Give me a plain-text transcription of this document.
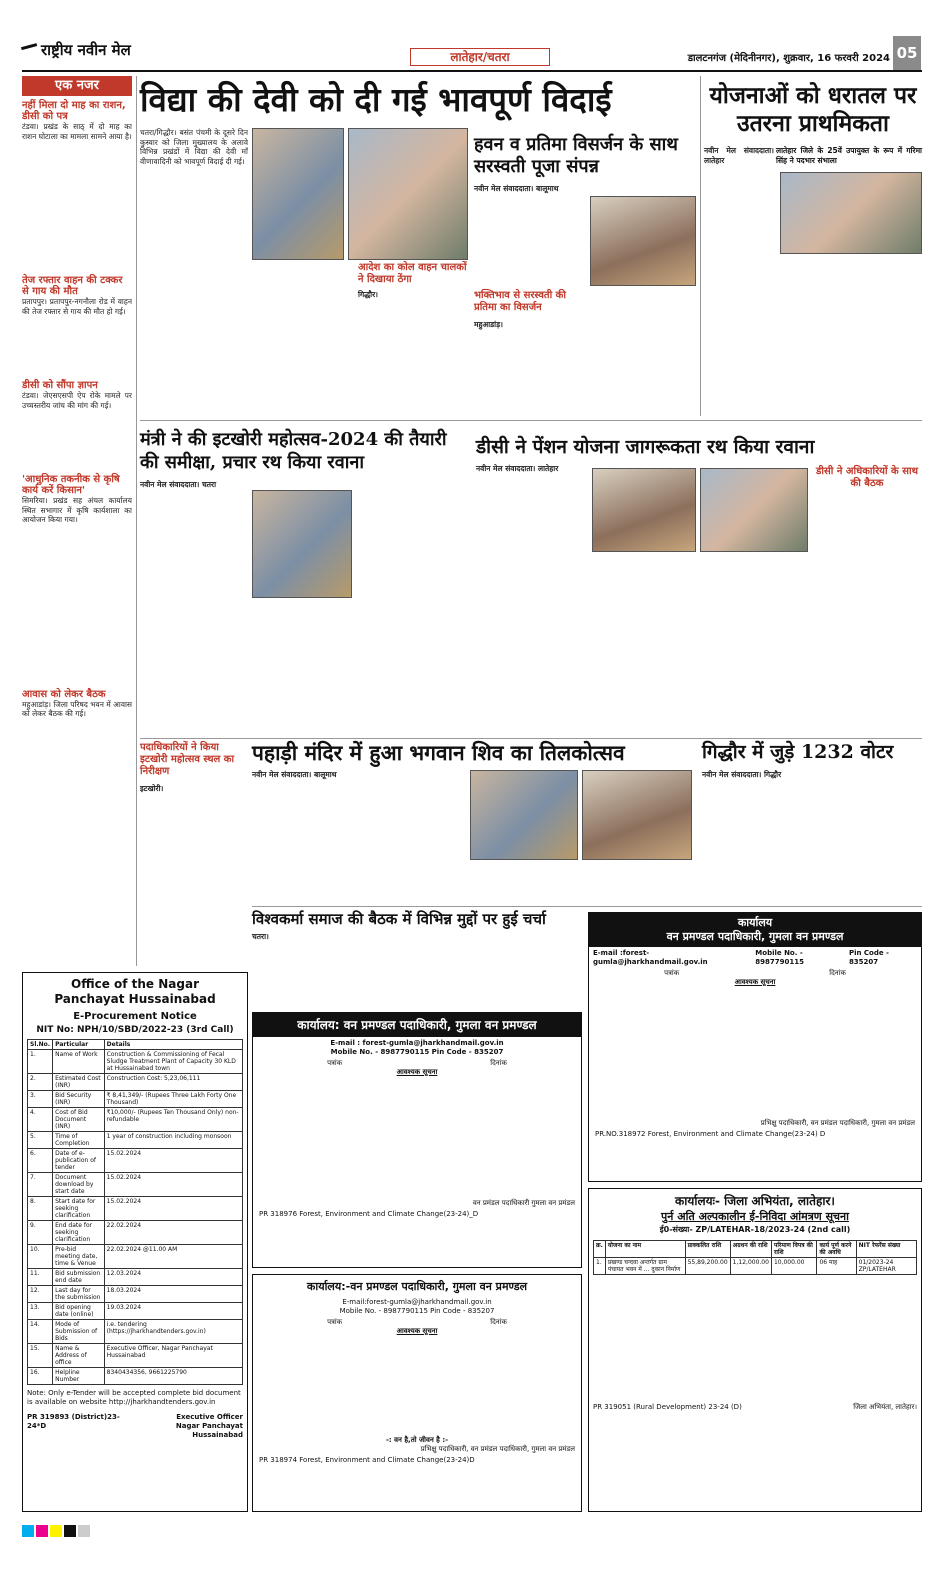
राष्ट्रीय नवीन मेल	लातेहार/चतरा	डालटनगंज (मेदिनीनगर), शुक्रवार, 16 फरवरी 2024 05
एक नजर
नहीं मिला दो माह का राशन, डीसी को पत्र
टंडवा। प्रखंड के साठ् में दो माह का राशन घोटाला का मामला सामने आया है।
तेज रफ्तार वाहन की टक्कर से गाय की मौत
प्रतापपुर। प्रतापपुर-नगनौला रोड में वाहन की तेज रफ्तार से गाय की मौत हो गई।
डीसी को सौंपा ज्ञापन
टंडवा। जेएसएसपी ऐप रोके मामले पर उच्चस्तरीय जांच की मांग की गई।
'आधुनिक तकनीक से कृषि कार्य करें किसान'
सिमरिया। प्रखंड सह अंचल कार्यालय स्थित सभागार में कृषि कार्यशाला का आयोजन किया गया।
आवास को लेकर बैठक
महुआडांड़। जिला परिषद भवन में आवास को लेकर बैठक की गई।
विद्या की देवी को दी गई भावपूर्ण विदाई
चतरा/गिद्धौर। बसंत पंचमी के दूसरे दिन कुस्वार को जिला मुख्यालय के अलावे विभिन्न प्रखंडों में विद्या की देवी माँ वीणावादिनी को भावपूर्ण विदाई दी गई।
हवन व प्रतिमा विसर्जन के साथ सरस्वती पूजा संपन्न
नवीन मेल संवाददाता। बालूमाथ
आदेश का कोल वाहन चालकों ने दिखाया ठेंगा
गिद्धौर।	भक्तिभाव से सरस्वती की प्रतिमा का विसर्जन
महुआडांड़।
योजनाओं को धरातल पर उतरना प्राथमिकता
नवीन मेल संवाददाता। लातेहार
लातेहार जिले के 25वें उपायुक्त के रूप में गरिमा सिंह ने पदभार संभाला
मंत्री ने की इटखोरी महोत्सव-2024 की तैयारी की समीक्षा, प्रचार रथ किया रवाना
नवीन मेल संवाददाता। चतरा
डीसी ने पेंशन योजना जागरूकता रथ किया रवाना
नवीन मेल संवाददाता। लातेहार	डीसी ने अधिकारियों के साथ की बैठक
पदाधिकारियों ने किया इटखोरी महोत्सव स्थल का निरीक्षण
इटखोरी।
पहाड़ी मंदिर में हुआ भगवान शिव का तिलकोत्सव
नवीन मेल संवाददाता। बालूमाथ
गिद्धौर में जुड़े 1232 वोटर
नवीन मेल संवाददाता। गिद्धौर
विश्वकर्मा समाज की बैठक में विभिन्न मुद्दों पर हुई चर्चा
चतरा।
Office of the Nagar
Panchayat Hussainabad
E-Procurement Notice
NIT No: NPH/10/SBD/2022-23 (3rd Call)
Sl.No.	Particular	Details
1.	Name of Work	Construction & Commissioning of Fecal Sludge Treatment Plant of Capacity 30 KLD at Hussainabad town
2.	Estimated Cost (INR)	Construction Cost: 5,23,06,111
3.	Bid Security (INR)	₹ 8,41,349/- (Rupees Three Lakh Forty One Thousand)
4.	Cost of Bid Document (INR)	₹10,000/- (Rupees Ten Thousand Only) non-refundable
5.	Time of Completion	1 year of construction including monsoon
6.	Date of e-publication of tender	15.02.2024
7.	Document download by start date	15.02.2024
8.	Start date for seeking clarification	15.02.2024
9.	End date for seeking clarification	22.02.2024
10.	Pre-bid meeting date, time & Venue	22.02.2024 @11.00 AM
11.	Bid submission end date	12.03.2024
12.	Last day for the submission	18.03.2024
13.	Bid opening date (online)	19.03.2024
14.	Mode of Submission of Bids	i.e. tendering (https://jharkhandtenders.gov.in)
15.	Name & Address of office	Executive Officer, Nagar Panchayat Hussainabad
16.	Helpline Number	8340434356, 9661225790
Note: Only e-Tender will be accepted complete bid document is available on website http://jharkhandtenders.gov.in
PR 319893 (District)23-24*D
Executive Officer
Nagar Panchayat Hussainabad
कार्यालय: वन प्रमण्डल पदाधिकारी, गुमला वन प्रमण्डल
E-mail : forest-gumla@jharkhandmail.gov.in
Mobile No. - 8987790115 Pin Code - 835207
पत्रांक	दिनांक
आवश्यक सूचना
वन प्रमंडल पदाधिकारी गुमला वन प्रमंडल
PR 318976 Forest, Environment and Climate Change(23-24)_D
कार्यालय:-वन प्रमण्डल पदाधिकारी, गुमला वन प्रमण्डल
E-mail:forest-gumla@jharkhandmail.gov.in
Mobile No. - 8987790115 Pin Code - 835207
पत्रांक	दिनांक
आवश्यक सूचना
-: वन है,तो जीवन है :-
प्रभिक्षु पदाधिकारी, वन प्रमंडल पदाधिकारी, गुमला वन प्रमंडल
PR 318974 Forest, Environment and Climate Change(23-24)D
कार्यालय
वन प्रमण्डल पदाधिकारी, गुमला वन प्रमण्डल
E-mail :forest-gumla@jharkhandmail.gov.in
Mobile No. - 8987790115
Pin Code - 835207
पत्रांक	दिनांक
आवश्यक सूचना
प्रभिक्षु पदाधिकारी, वन प्रमंडल पदाधिकारी, गुमला वन प्रमंडल
PR.NO.318972 Forest, Environment and Climate Change(23-24) D
कार्यालयः- जिला अभियंता, लातेहार।
पुर्न अति अल्पकालीन ई-निविदा आंमत्रण सूचना
ई0-संख्या- ZP/LATEHAR-18/2023-24 (2nd call)
क्र.	योजना का नाम	प्राक्कलित राशि	अग्रधन की राशि	परिमाण विपत्र की राशि	कार्य पूर्ण करने की अवधि	NIT रेफरेंस संख्या
1.	प्रखण्ड चन्दवा अन्तर्गत ग्राम पंचायत भवन में ... दुकान निर्माण	55,89,200.00	1,12,000.00	10,000.00	06 माह	01/2023-24 ZP/LATEHAR
PR 319051 (Rural Development) 23-24 (D)	जिला अभियंता, लातेहार।
